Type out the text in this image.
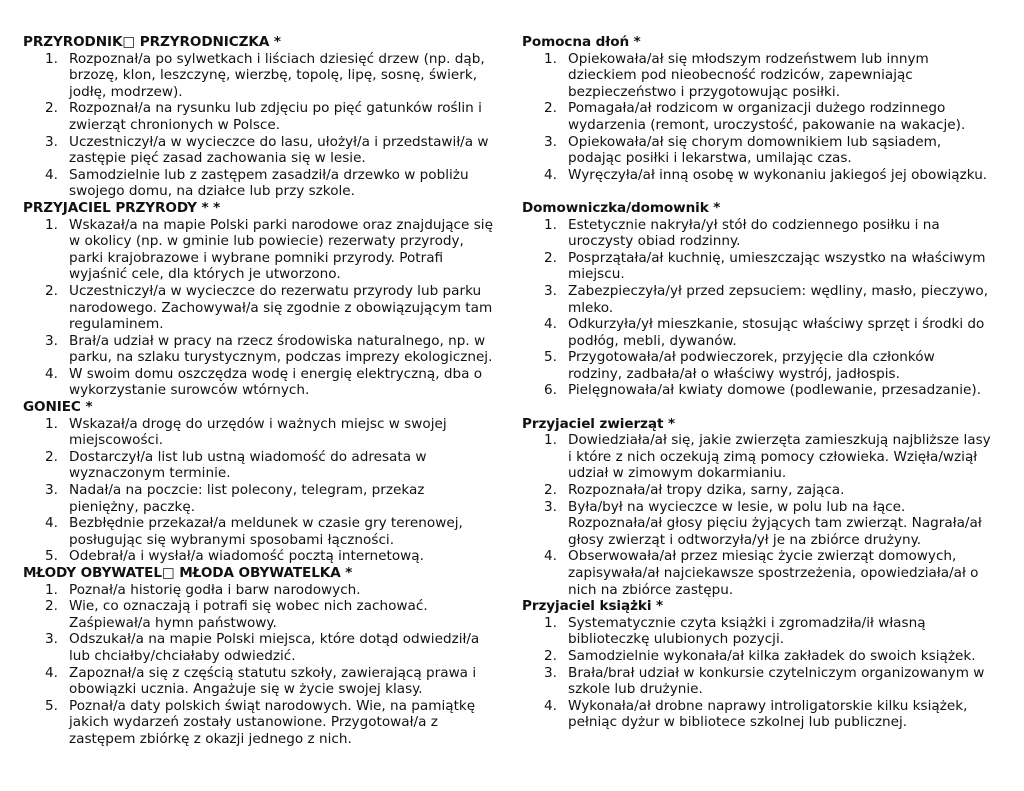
PRZYRODNIK□ PRZYRODNICZKA *

1. Rozpoznał/a po sylwetkach i liściach dziesięć drzew (np. dąb, brzozę, klon, leszczynę, wierzbę, topolę, lipę, sosnę, świerk, jodłę, modrzew).
2. Rozpoznał/a na rysunku lub zdjęciu po pięć gatunków roślin i zwierząt chronionych w Polsce.
3. Uczestniczył/a w wycieczce do lasu, ułożył/a i przedstawił/a w zastępie pięć zasad zachowania się w lesie.
4. Samodzielnie lub z zastępem zasadził/a drzewko w pobliżu swojego domu, na działce lub przy szkole.

PRZYJACIEL PRZYRODY * *

1. Wskazał/a na mapie Polski parki narodowe oraz znajdujące się w okolicy (np. w gminie lub powiecie) rezerwaty przyrody, parki krajobrazowe i wybrane pomniki przyrody. Potrafi wyjaśnić cele, dla których je utworzono.
2. Uczestniczył/a w wycieczce do rezerwatu przyrody lub parku narodowego. Zachowywał/a się zgodnie z obowiązującym tam regulaminem.
3. Brał/a udział w pracy na rzecz środowiska naturalnego, np. w parku, na szlaku turystycznym, podczas imprezy ekologicznej.
4. W swoim domu oszczędza wodę i energię elektryczną, dba o wykorzystanie surowców wtórnych.

GONIEC *

1. Wskazał/a drogę do urzędów i ważnych miejsc w swojej miejscowości.
2. Dostarczył/a list lub ustną wiadomość do adresata w wyznaczonym terminie.
3. Nadał/a na poczcie: list polecony, telegram, przekaz pieniężny, paczkę.
4. Bezbłędnie przekazał/a meldunek w czasie gry terenowej, posługując się wybranymi sposobami łączności.
5. Odebrał/a i wysłał/a wiadomość pocztą internetową.

MŁODY OBYWATEL□ MŁODA OBYWATELKA *

1. Poznał/a historię godła i barw narodowych.
2. Wie, co oznaczają i potrafi się wobec nich zachować. Zaśpiewał/a hymn państwowy.
3. Odszukał/a na mapie Polski miejsca, które dotąd odwiedził/a lub chciałby/chciałaby odwiedzić.
4. Zapoznał/a się z częścią statutu szkoły, zawierającą prawa i obowiązki ucznia. Angażuje się w życie swojej klasy.
5. Poznał/a daty polskich świąt narodowych. Wie, na pamiątkę jakich wydarzeń zostały ustanowione. Przygotował/a z zastępem zbiórkę z okazji jednego z nich.

Pomocna dłoń *

1. Opiekowała/ał się młodszym rodzeństwem lub innym dzieckiem pod nieobecność rodziców, zapewniając bezpieczeństwo i przygotowując posiłki.
2. Pomagała/ał rodzicom w organizacji dużego rodzinnego wydarzenia (remont, uroczystość, pakowanie na wakacje).
3. Opiekowała/ał się chorym domownikiem lub sąsiadem, podając posiłki i lekarstwa, umilając czas.
4. Wyręczyła/ał inną osobę w wykonaniu jakiegoś jej obowiązku.

Domowniczka/domownik *

1. Estetycznie nakryła/ył stół do codziennego posiłku i na uroczysty obiad rodzinny.
2. Posprzątała/ał kuchnię, umieszczając wszystko na właściwym miejscu.
3. Zabezpieczyła/ył przed zepsuciem: wędliny, masło, pieczywo, mleko.
4. Odkurzyła/ył mieszkanie, stosując właściwy sprzęt i środki do podłóg, mebli, dywanów.
5. Przygotowała/ał podwieczorek, przyjęcie dla członków rodziny, zadbała/ał o właściwy wystrój, jadłospis.
6. Pielęgnowała/ał kwiaty domowe (podlewanie, przesadzanie).

Przyjaciel zwierząt *

1. Dowiedziała/ał się, jakie zwierzęta zamieszkują najbliższe lasy i które z nich oczekują zimą pomocy człowieka. Wzięła/wziął udział w zimowym dokarmianiu.
2. Rozpoznała/ał tropy dzika, sarny, zająca.
3. Była/był na wycieczce w lesie, w polu lub na łące. Rozpoznała/ał głosy pięciu żyjących tam zwierząt. Nagrała/ał głosy zwierząt i odtworzyła/ył je na zbiórce drużyny.
4. Obserwowała/ał przez miesiąc życie zwierząt domowych, zapisywała/ał najciekawsze spostrzeżenia, opowiedziała/ał o nich na zbiórce zastępu.

Przyjaciel książki *

1. Systematycznie czyta książki i zgromadziła/ił własną biblioteczkę ulubionych pozycji.
2. Samodzielnie wykonała/ał kilka zakładek do swoich książek.
3. Brała/brał udział w konkursie czytelniczym organizowanym w szkole lub drużynie.
4. Wykonała/ał drobne naprawy introligatorskie kilku książek, pełniąc dyżur w bibliotece szkolnej lub publicznej.
